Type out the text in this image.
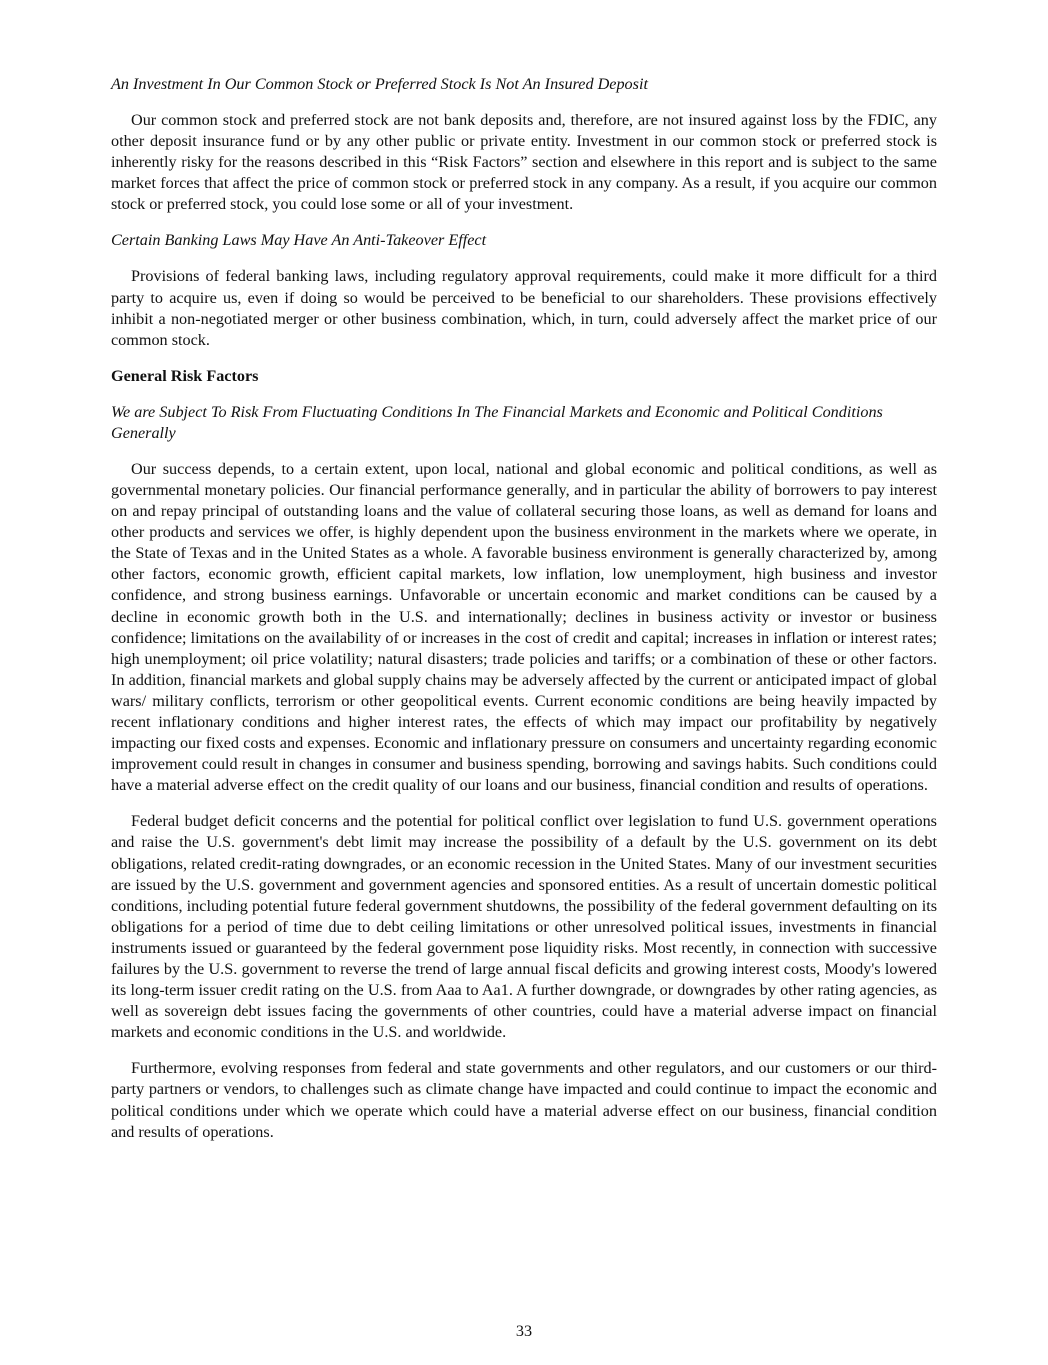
An Investment In Our Common Stock or Preferred Stock Is Not An Insured Deposit

Our common stock and preferred stock are not bank deposits and, therefore, are not insured against loss by the FDIC, any other deposit insurance fund or by any other public or private entity. Investment in our common stock or preferred stock is inherently risky for the reasons described in this “Risk Factors” section and elsewhere in this report and is subject to the same market forces that affect the price of common stock or preferred stock in any company. As a result, if you acquire our common stock or preferred stock, you could lose some or all of your investment.

Certain Banking Laws May Have An Anti-Takeover Effect

Provisions of federal banking laws, including regulatory approval requirements, could make it more difficult for a third party to acquire us, even if doing so would be perceived to be beneficial to our shareholders. These provisions effectively inhibit a non-negotiated merger or other business combination, which, in turn, could adversely affect the market price of our common stock.

General Risk Factors

We are Subject To Risk From Fluctuating Conditions In The Financial Markets and Economic and Political Conditions Generally

Our success depends, to a certain extent, upon local, national and global economic and political conditions, as well as governmental monetary policies. Our financial performance generally, and in particular the ability of borrowers to pay interest on and repay principal of outstanding loans and the value of collateral securing those loans, as well as demand for loans and other products and services we offer, is highly dependent upon the business environment in the markets where we operate, in the State of Texas and in the United States as a whole. A favorable business environment is generally characterized by, among other factors, economic growth, efficient capital markets, low inflation, low unemployment, high business and investor confidence, and strong business earnings. Unfavorable or uncertain economic and market conditions can be caused by a decline in economic growth both in the U.S. and internationally; declines in business activity or investor or business confidence; limitations on the availability of or increases in the cost of credit and capital; increases in inflation or interest rates; high unemployment; oil price volatility; natural disasters; trade policies and tariffs; or a combination of these or other factors. In addition, financial markets and global supply chains may be adversely affected by the current or anticipated impact of global wars/ military conflicts, terrorism or other geopolitical events. Current economic conditions are being heavily impacted by recent inflationary conditions and higher interest rates, the effects of which may impact our profitability by negatively impacting our fixed costs and expenses. Economic and inflationary pressure on consumers and uncertainty regarding economic improvement could result in changes in consumer and business spending, borrowing and savings habits. Such conditions could have a material adverse effect on the credit quality of our loans and our business, financial condition and results of operations.

Federal budget deficit concerns and the potential for political conflict over legislation to fund U.S. government operations and raise the U.S. government's debt limit may increase the possibility of a default by the U.S. government on its debt obligations, related credit-rating downgrades, or an economic recession in the United States. Many of our investment securities are issued by the U.S. government and government agencies and sponsored entities. As a result of uncertain domestic political conditions, including potential future federal government shutdowns, the possibility of the federal government defaulting on its obligations for a period of time due to debt ceiling limitations or other unresolved political issues, investments in financial instruments issued or guaranteed by the federal government pose liquidity risks. Most recently, in connection with successive failures by the U.S. government to reverse the trend of large annual fiscal deficits and growing interest costs, Moody's lowered its long-term issuer credit rating on the U.S. from Aaa to Aa1. A further downgrade, or downgrades by other rating agencies, as well as sovereign debt issues facing the governments of other countries, could have a material adverse impact on financial markets and economic conditions in the U.S. and worldwide.

Furthermore, evolving responses from federal and state governments and other regulators, and our customers or our third-party partners or vendors, to challenges such as climate change have impacted and could continue to impact the economic and political conditions under which we operate which could have a material adverse effect on our business, financial condition and results of operations.

33
